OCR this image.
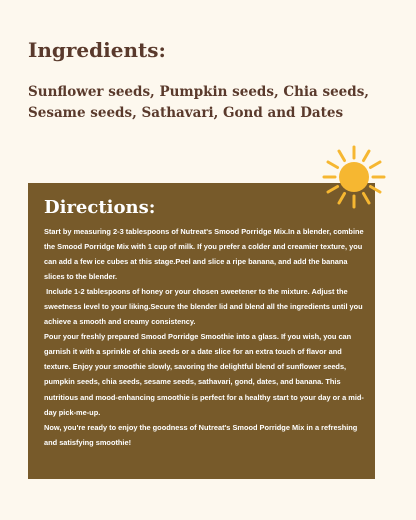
Ingredients:
Sunflower seeds, Pumpkin seeds, Chia seeds,
Sesame seeds, Sathavari, Gond and Dates
Directions:

Start by measuring 2-3 tablespoons of Nutreat's Smood Porridge Mix.In a blender, combine the Smood Porridge Mix with 1 cup of milk. If you prefer a colder and creamier texture, you can add a few ice cubes at this stage.Peel and slice a ripe banana, and add the banana slices to the blender.

Include 1-2 tablespoons of honey or your chosen sweetener to the mixture. Adjust the sweetness level to your liking.Secure the blender lid and blend all the ingredients until you achieve a smooth and creamy consistency.

Pour your freshly prepared Smood Porridge Smoothie into a glass. If you wish, you can garnish it with a sprinkle of chia seeds or a date slice for an extra touch of flavor and texture. Enjoy your smoothie slowly, savoring the delightful blend of sunflower seeds, pumpkin seeds, chia seeds, sesame seeds, sathavari, gond, dates, and banana. This nutritious and mood-enhancing smoothie is perfect for a healthy start to your day or a mid-day pick-me-up.

Now, you're ready to enjoy the goodness of Nutreat's Smood Porridge Mix in a refreshing and satisfying smoothie!
